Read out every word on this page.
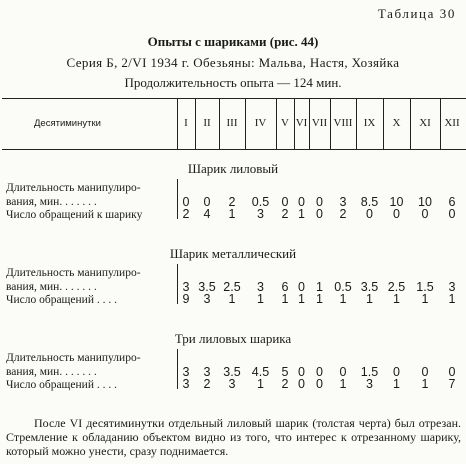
Таблица 30
Опыты с шариками (рис. 44)
Серия Б, 2/VI 1934 г. Обезьяны: Мальва, Настя, Хозяйка
Продолжительность опыта — 124 мин.
Десятиминутки	I	II	III	IV	V VI VII VIII	IX	X	XI	XII
Шарик лиловый
Длительность манипулиро-
вания, мин. . . . . . .	0	0	2	0.5 0 0 0	3	8.5 10	10	6
Число обращений к шарику	2	4	1	3	2 1 0	2	0	0	0	0
Шарик металлический
Длительность манипулиро-
вания, мин. . . . . . .	3 3.5 2.5	3	6 0 1 0.5 3.5 2.5 1.5	3
Число обращений . . . .	9	3	1	1	1 1 1	1	1	1	1	1
Три лиловых шарика
Длительность манипулиро-
вания, мин. . . . . . .	3	3	3.5 4.5 5 0 0	0	1.5	0	0	0
Число обращений . . . .	3	2	3	1	2 0 0	1	3	1	1	7
После VI десятиминутки отдельный лиловый шарик (толстая черта) был отрезан. Стремление к обладанию объектом видно из того, что интерес к отрезанному шарику, который можно унести, сразу поднимается.
